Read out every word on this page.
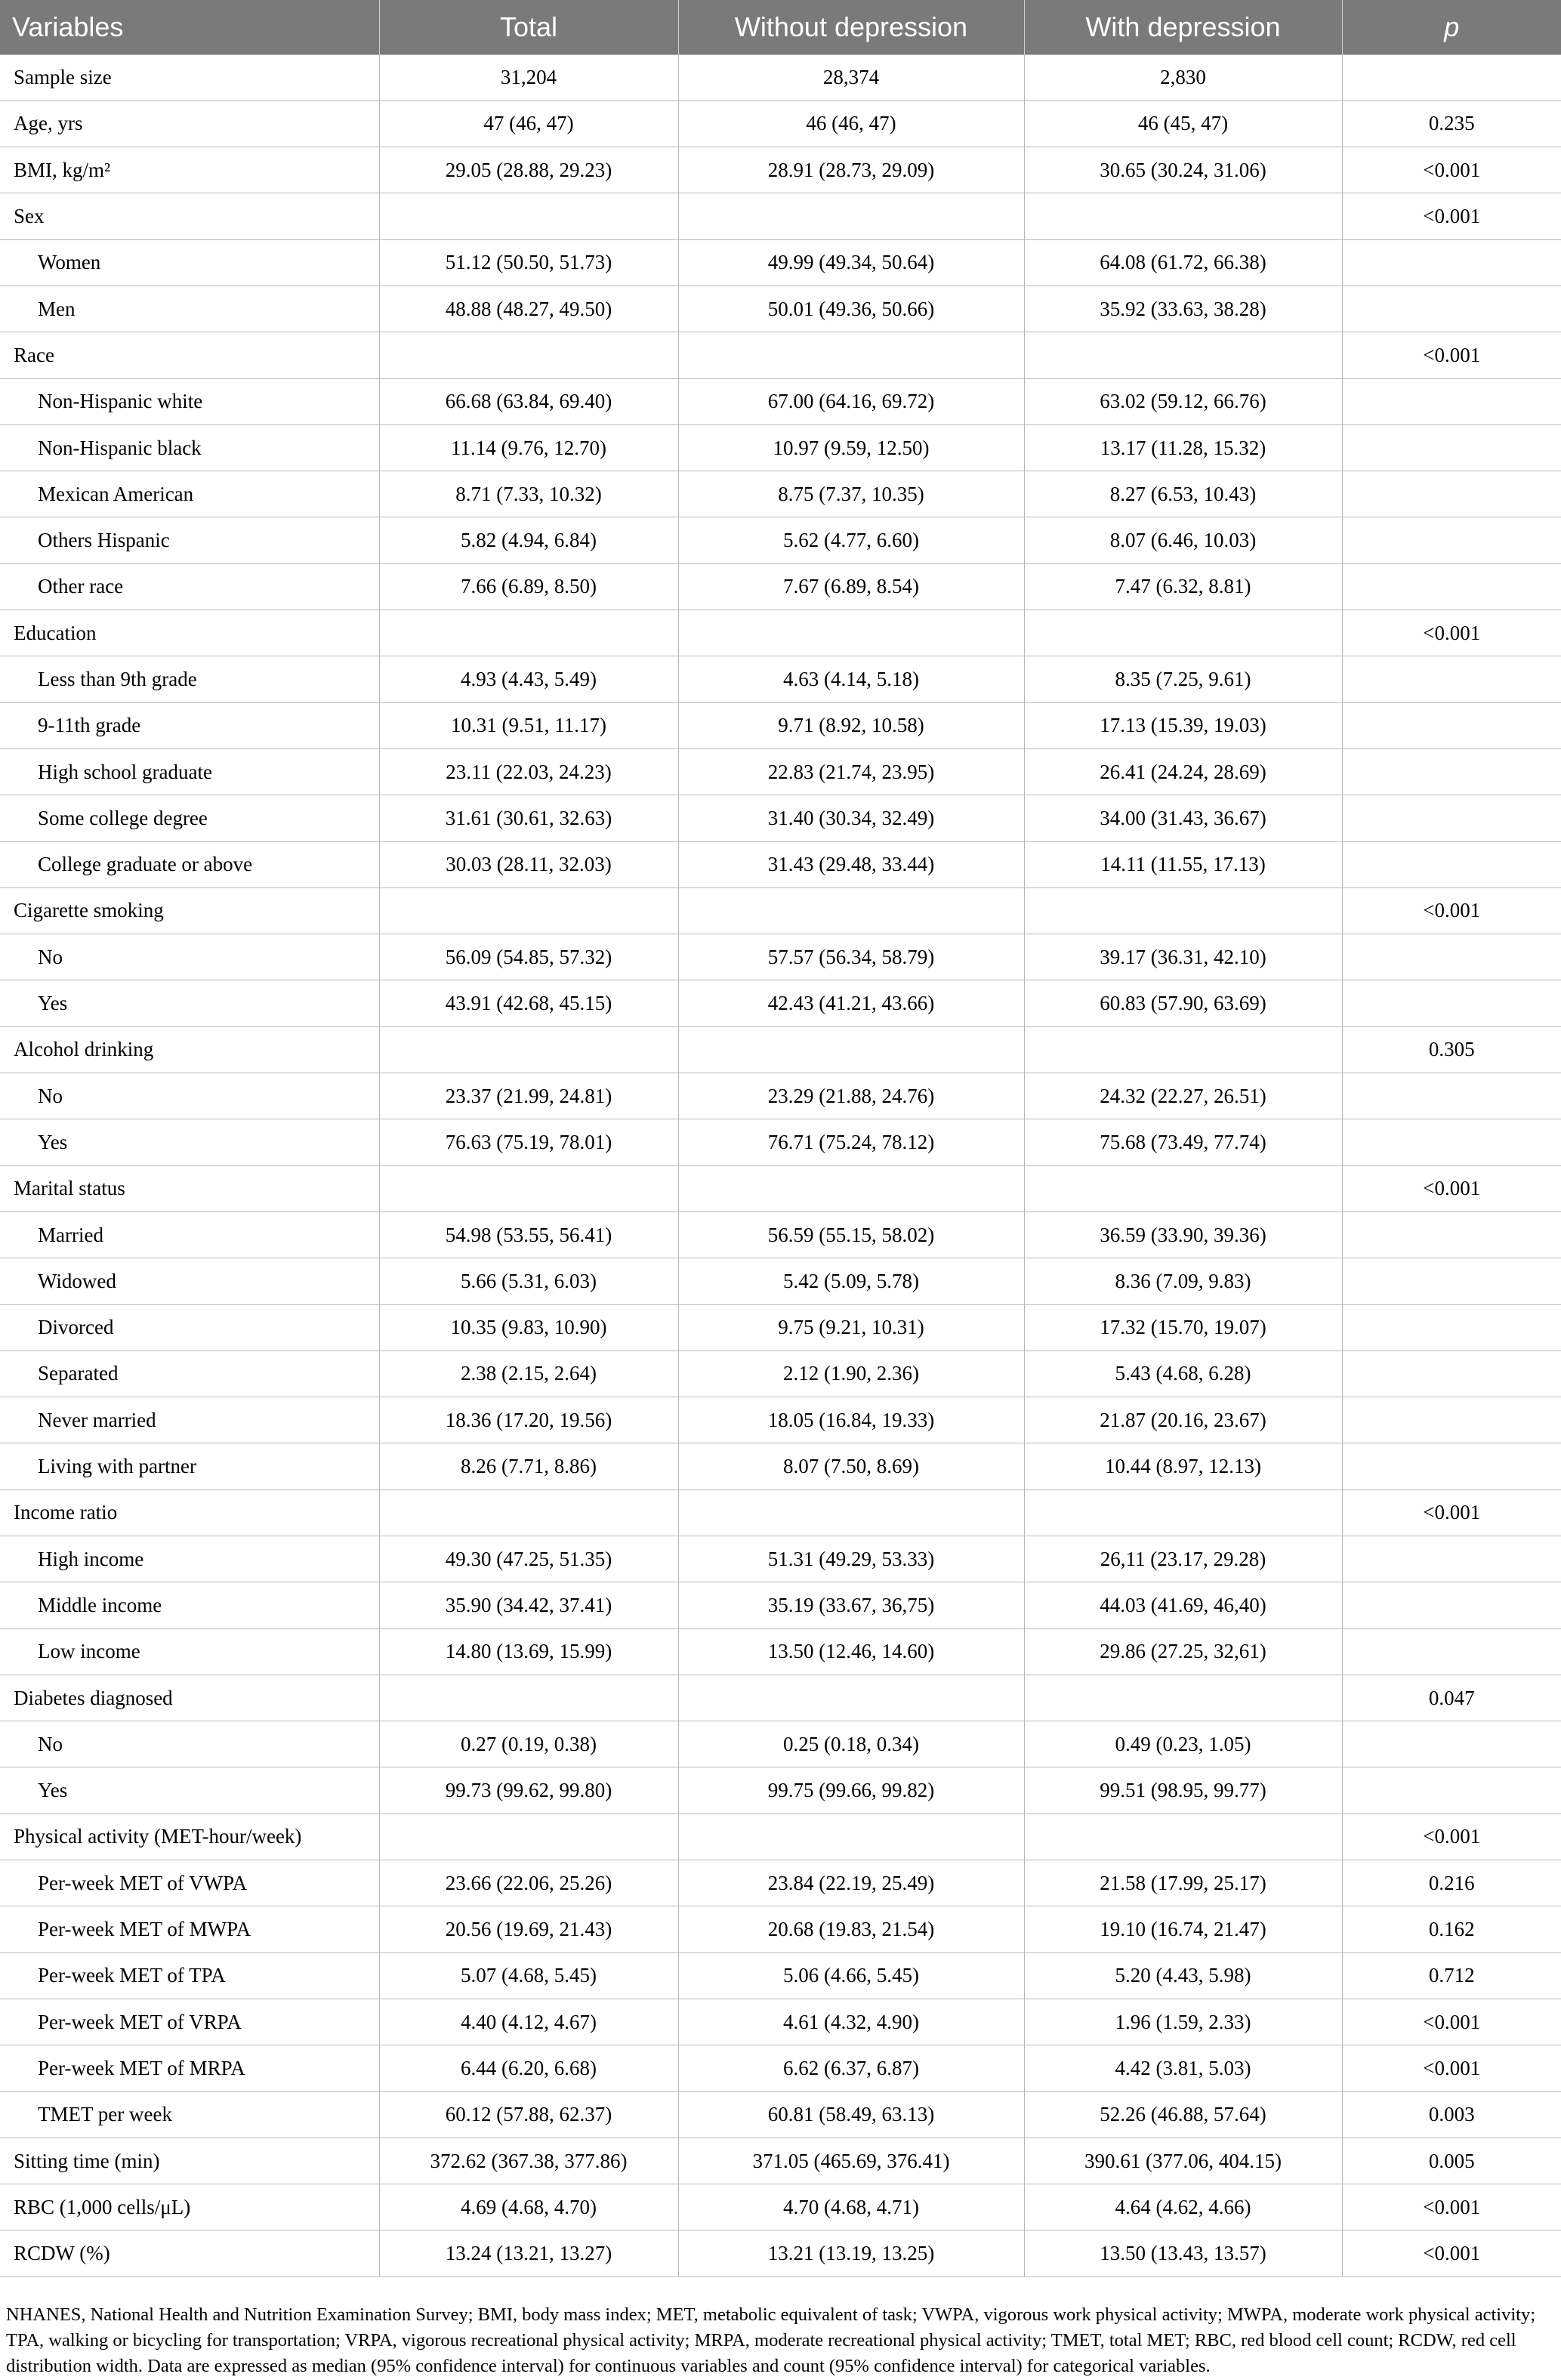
Variables	Total	Without depression	With depression	p
Sample size	31,204	28,374	2,830	
Age, yrs	47 (46, 47)	46 (46, 47)	46 (45, 47)	0.235
BMI, kg/m²	29.05 (28.88, 29.23)	28.91 (28.73, 29.09)	30.65 (30.24, 31.06)	<0.001
Sex				<0.001
Women	51.12 (50.50, 51.73)	49.99 (49.34, 50.64)	64.08 (61.72, 66.38)	
Men	48.88 (48.27, 49.50)	50.01 (49.36, 50.66)	35.92 (33.63, 38.28)	
Race				<0.001
Non-Hispanic white	66.68 (63.84, 69.40)	67.00 (64.16, 69.72)	63.02 (59.12, 66.76)	
Non-Hispanic black	11.14 (9.76, 12.70)	10.97 (9.59, 12.50)	13.17 (11.28, 15.32)	
Mexican American	8.71 (7.33, 10.32)	8.75 (7.37, 10.35)	8.27 (6.53, 10.43)	
Others Hispanic	5.82 (4.94, 6.84)	5.62 (4.77, 6.60)	8.07 (6.46, 10.03)	
Other race	7.66 (6.89, 8.50)	7.67 (6.89, 8.54)	7.47 (6.32, 8.81)	
Education				<0.001
Less than 9th grade	4.93 (4.43, 5.49)	4.63 (4.14, 5.18)	8.35 (7.25, 9.61)	
9-11th grade	10.31 (9.51, 11.17)	9.71 (8.92, 10.58)	17.13 (15.39, 19.03)	
High school graduate	23.11 (22.03, 24.23)	22.83 (21.74, 23.95)	26.41 (24.24, 28.69)	
Some college degree	31.61 (30.61, 32.63)	31.40 (30.34, 32.49)	34.00 (31.43, 36.67)	
College graduate or above	30.03 (28.11, 32.03)	31.43 (29.48, 33.44)	14.11 (11.55, 17.13)	
Cigarette smoking				<0.001
No	56.09 (54.85, 57.32)	57.57 (56.34, 58.79)	39.17 (36.31, 42.10)	
Yes	43.91 (42.68, 45.15)	42.43 (41.21, 43.66)	60.83 (57.90, 63.69)	
Alcohol drinking				0.305
No	23.37 (21.99, 24.81)	23.29 (21.88, 24.76)	24.32 (22.27, 26.51)	
Yes	76.63 (75.19, 78.01)	76.71 (75.24, 78.12)	75.68 (73.49, 77.74)	
Marital status				<0.001
Married	54.98 (53.55, 56.41)	56.59 (55.15, 58.02)	36.59 (33.90, 39.36)	
Widowed	5.66 (5.31, 6.03)	5.42 (5.09, 5.78)	8.36 (7.09, 9.83)	
Divorced	10.35 (9.83, 10.90)	9.75 (9.21, 10.31)	17.32 (15.70, 19.07)	
Separated	2.38 (2.15, 2.64)	2.12 (1.90, 2.36)	5.43 (4.68, 6.28)	
Never married	18.36 (17.20, 19.56)	18.05 (16.84, 19.33)	21.87 (20.16, 23.67)	
Living with partner	8.26 (7.71, 8.86)	8.07 (7.50, 8.69)	10.44 (8.97, 12.13)	
Income ratio				<0.001
High income	49.30 (47.25, 51.35)	51.31 (49.29, 53.33)	26,11 (23.17, 29.28)	
Middle income	35.90 (34.42, 37.41)	35.19 (33.67, 36,75)	44.03 (41.69, 46,40)	
Low income	14.80 (13.69, 15.99)	13.50 (12.46, 14.60)	29.86 (27.25, 32,61)	
Diabetes diagnosed				0.047
No	0.27 (0.19, 0.38)	0.25 (0.18, 0.34)	0.49 (0.23, 1.05)	
Yes	99.73 (99.62, 99.80)	99.75 (99.66, 99.82)	99.51 (98.95, 99.77)	
Physical activity (MET-hour/week)				<0.001
Per-week MET of VWPA	23.66 (22.06, 25.26)	23.84 (22.19, 25.49)	21.58 (17.99, 25.17)	0.216
Per-week MET of MWPA	20.56 (19.69, 21.43)	20.68 (19.83, 21.54)	19.10 (16.74, 21.47)	0.162
Per-week MET of TPA	5.07 (4.68, 5.45)	5.06 (4.66, 5.45)	5.20 (4.43, 5.98)	0.712
Per-week MET of VRPA	4.40 (4.12, 4.67)	4.61 (4.32, 4.90)	1.96 (1.59, 2.33)	<0.001
Per-week MET of MRPA	6.44 (6.20, 6.68)	6.62 (6.37, 6.87)	4.42 (3.81, 5.03)	<0.001
TMET per week	60.12 (57.88, 62.37)	60.81 (58.49, 63.13)	52.26 (46.88, 57.64)	0.003
Sitting time (min)	372.62 (367.38, 377.86)	371.05 (465.69, 376.41)	390.61 (377.06, 404.15)	0.005
RBC (1,000 cells/μL)	4.69 (4.68, 4.70)	4.70 (4.68, 4.71)	4.64 (4.62, 4.66)	<0.001
RCDW (%)	13.24 (13.21, 13.27)	13.21 (13.19, 13.25)	13.50 (13.43, 13.57)	<0.001
NHANES, National Health and Nutrition Examination Survey; BMI, body mass index; MET, metabolic equivalent of task; VWPA, vigorous work physical activity; MWPA, moderate work physical activity; TPA, walking or bicycling for transportation; VRPA, vigorous recreational physical activity; MRPA, moderate recreational physical activity; TMET, total MET; RBC, red blood cell count; RCDW, red cell distribution width. Data are expressed as median (95% confidence interval) for continuous variables and count (95% confidence interval) for categorical variables.
